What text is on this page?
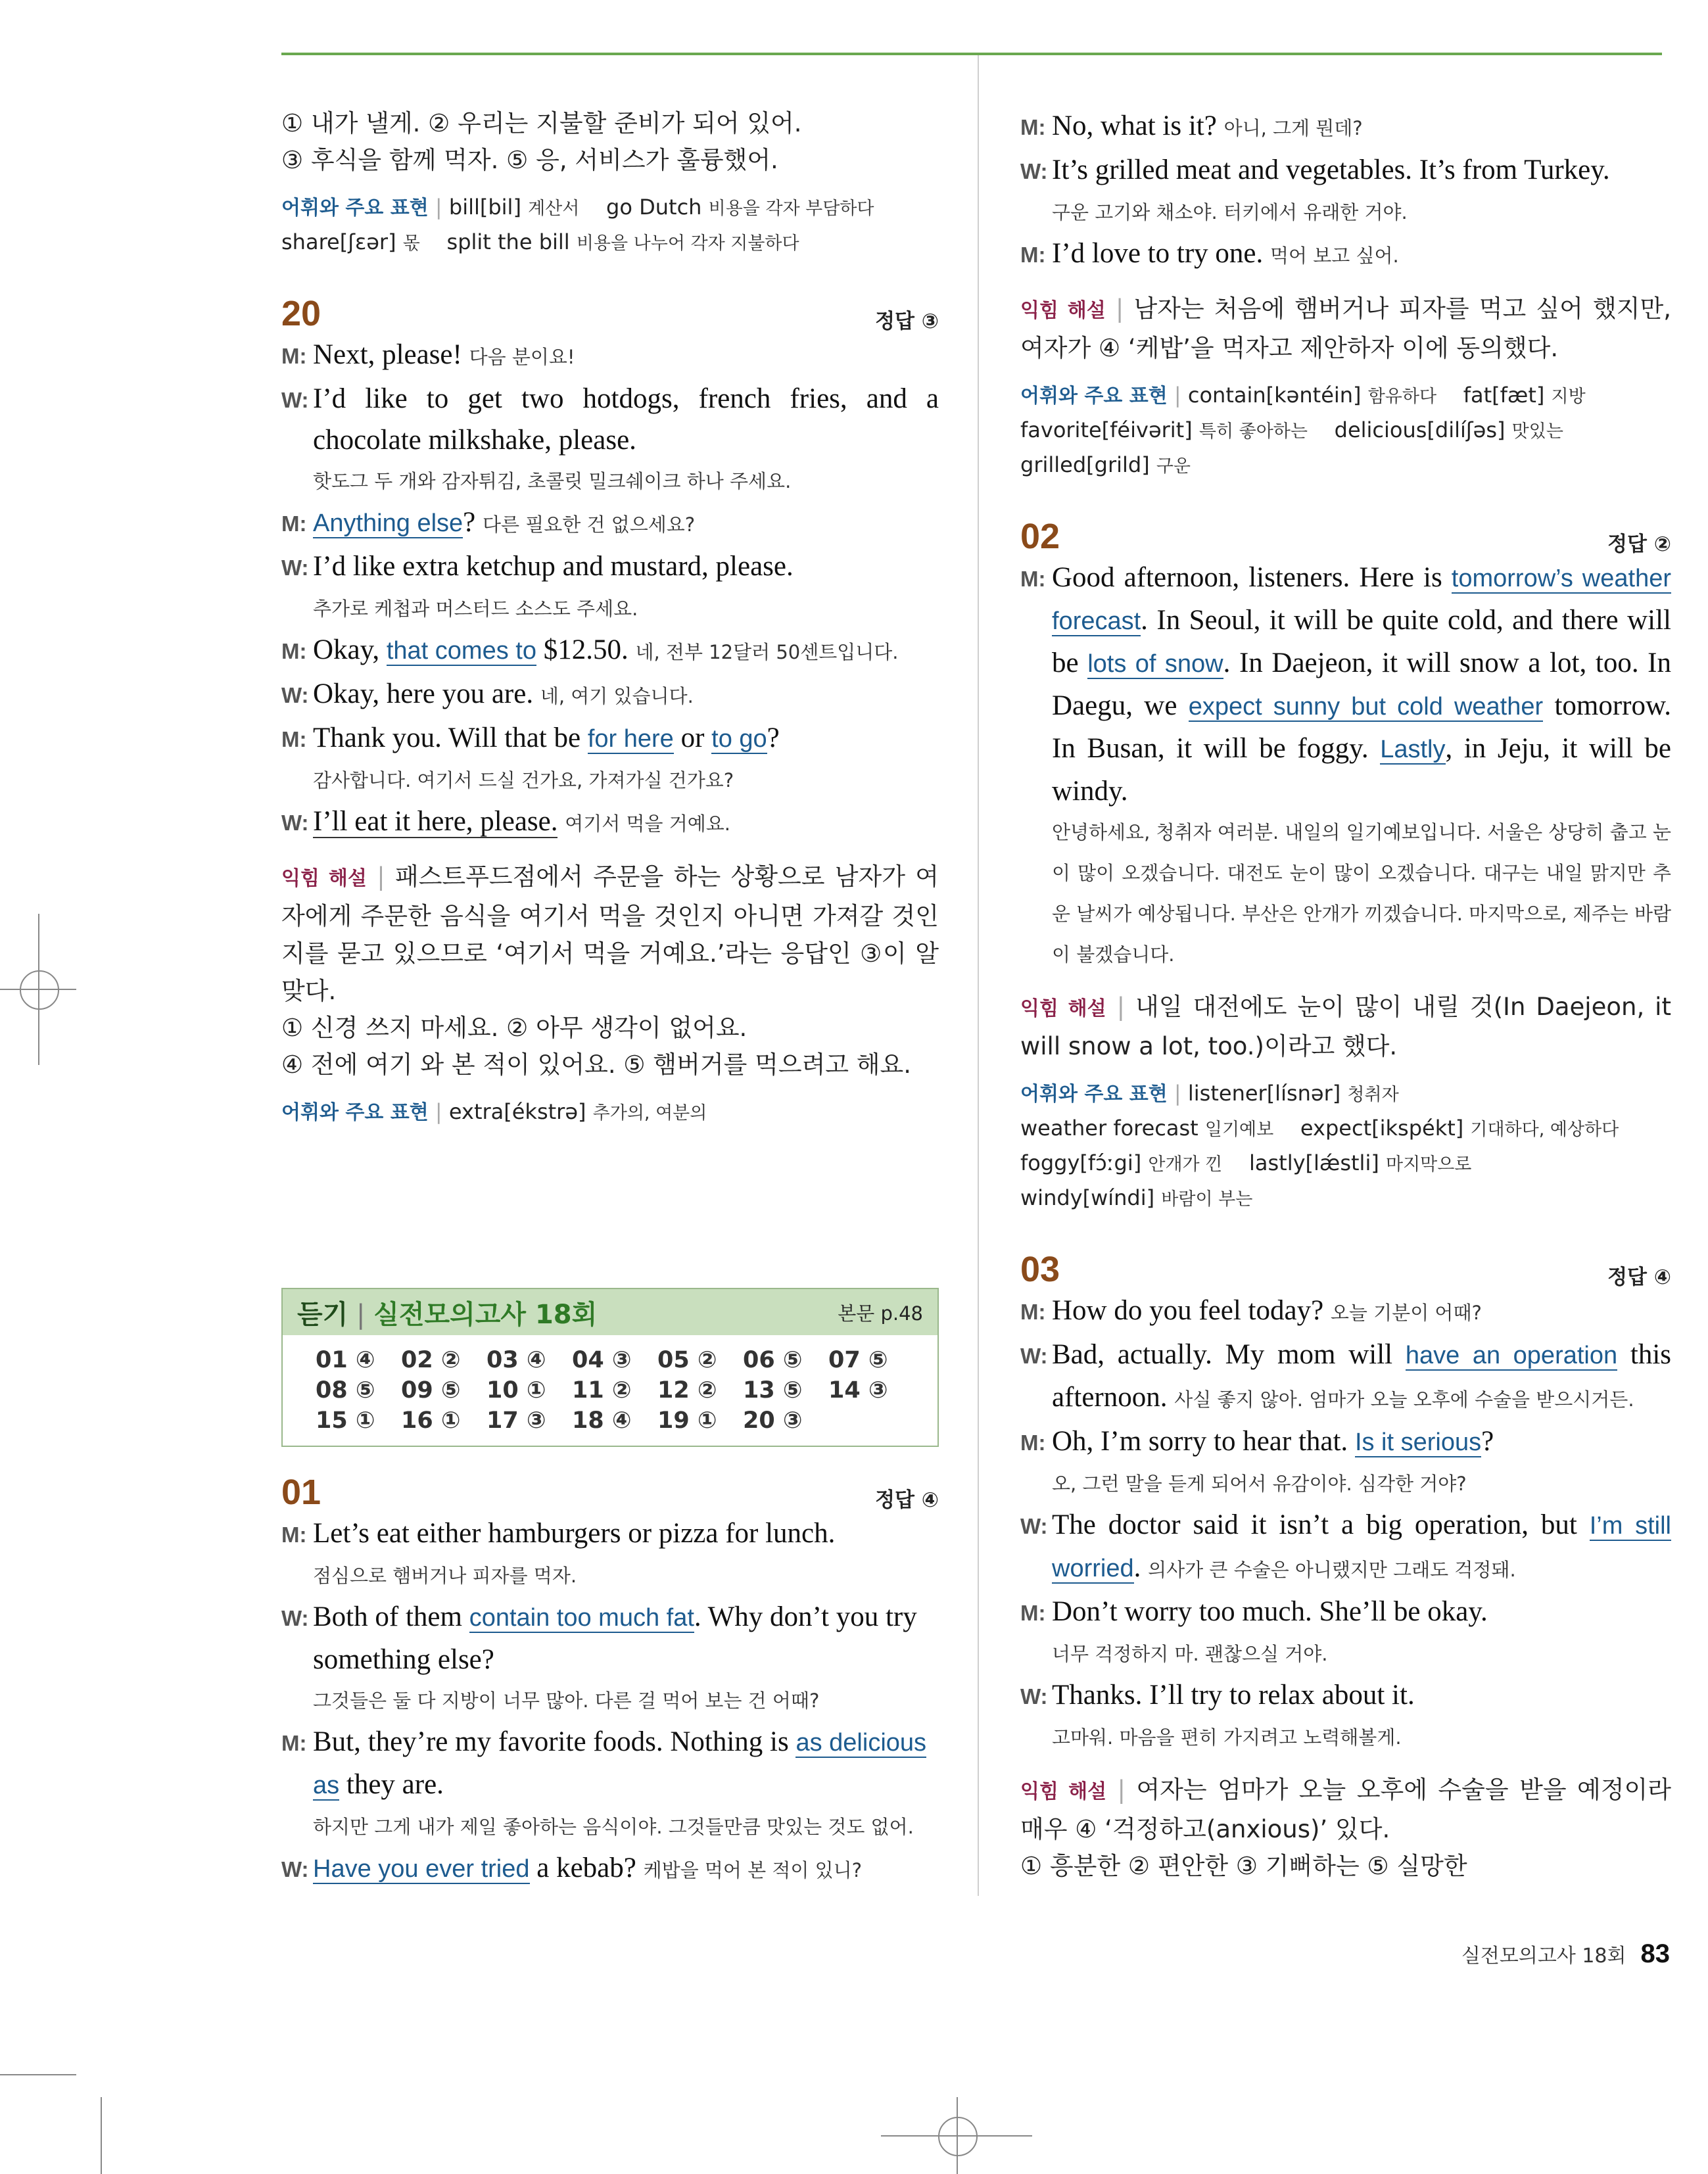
① 내가 낼게. ② 우리는 지불할 준비가 되어 있어.
③ 후식을 함께 먹자. ⑤ 응, 서비스가 훌륭했어.
어휘와 주요 표현 | bill[bil] 계산서 go Dutch 비용을 각자 부담하다
share[ʃɛər] 몫 split the bill 비용을 나누어 각자 지불하다
20	정답 ③
M: Next, please! 다음 분이요!
W: I’d like to get two hotdogs, french fries, and a chocolate milkshake, please.
핫도그 두 개와 감자튀김, 초콜릿 밀크쉐이크 하나 주세요.
M: Anything else? 다른 필요한 건 없으세요?
W: I’d like extra ketchup and mustard, please.
추가로 케첩과 머스터드 소스도 주세요.
M: Okay, that comes to $12.50. 네, 전부 12달러 50센트입니다.
W: Okay, here you are. 네, 여기 있습니다.
M: Thank you. Will that be for here or to go?
감사합니다. 여기서 드실 건가요, 가져가실 건가요?
W: I’ll eat it here, please. 여기서 먹을 거예요.
익힘 해설 | 패스트푸드점에서 주문을 하는 상황으로 남자가 여자에게 주문한 음식을 여기서 먹을 것인지 아니면 가져갈 것인지를 묻고 있으므로 ‘여기서 먹을 거예요.’라는 응답인 ③이 알맞다.
① 신경 쓰지 마세요. ② 아무 생각이 없어요.
④ 전에 여기 와 본 적이 있어요. ⑤ 햄버거를 먹으려고 해요.
어휘와 주요 표현 | extra[ékstrə] 추가의, 여분의
듣기 | 실전모의고사 18회	본문 p.48
01 ④	02 ②	03 ④	04 ③	05 ②	06 ⑤	07 ⑤
08 ⑤	09 ⑤	10 ①	11 ②	12 ②	13 ⑤	14 ③
15 ①	16 ①	17 ③	18 ④	19 ①	20 ③
01	정답 ④
M: Let’s eat either hamburgers or pizza for lunch.
점심으로 햄버거나 피자를 먹자.
W: Both of them contain too much fat. Why don’t you try something else?
그것들은 둘 다 지방이 너무 많아. 다른 걸 먹어 보는 건 어때?
M: But, they’re my favorite foods. Nothing is as delicious as they are.
하지만 그게 내가 제일 좋아하는 음식이야. 그것들만큼 맛있는 것도 없어.
W: Have you ever tried a kebab? 케밥을 먹어 본 적이 있니?
M: No, what is it? 아니, 그게 뭔데?
W: It’s grilled meat and vegetables. It’s from Turkey.
구운 고기와 채소야. 터키에서 유래한 거야.
M: I’d love to try one. 먹어 보고 싶어.
익힘 해설 | 남자는 처음에 햄버거나 피자를 먹고 싶어 했지만, 여자가 ④ ‘케밥’을 먹자고 제안하자 이에 동의했다.
어휘와 주요 표현 | contain[kəntéin] 함유하다 fat[fæt] 지방
favorite[féivərit] 특히 좋아하는 delicious[dilíʃəs] 맛있는
grilled[grild] 구운
02	정답 ②
M: Good afternoon, listeners. Here is tomorrow’s weather forecast. In Seoul, it will be quite cold, and there will be lots of snow. In Daejeon, it will snow a lot, too. In Daegu, we expect sunny but cold weather tomorrow. In Busan, it will be foggy. Lastly, in Jeju, it will be windy.
안녕하세요, 청취자 여러분. 내일의 일기예보입니다. 서울은 상당히 춥고 눈이 많이 오겠습니다. 대전도 눈이 많이 오겠습니다. 대구는 내일 맑지만 추운 날씨가 예상됩니다. 부산은 안개가 끼겠습니다. 마지막으로, 제주는 바람이 불겠습니다.
익힘 해설 | 내일 대전에도 눈이 많이 내릴 것(In Daejeon, it will snow a lot, too.)이라고 했다.
어휘와 주요 표현 | listener[lísnər] 청취자
weather forecast 일기예보 expect[ikspékt] 기대하다, 예상하다
foggy[fɔ́ːgi] 안개가 낀 lastly[lǽstli] 마지막으로
windy[wíndi] 바람이 부는
03	정답 ④
M: How do you feel today? 오늘 기분이 어때?
W: Bad, actually. My mom will have an operation this afternoon. 사실 좋지 않아. 엄마가 오늘 오후에 수술을 받으시거든.
M: Oh, I’m sorry to hear that. Is it serious?
오, 그런 말을 듣게 되어서 유감이야. 심각한 거야?
W: The doctor said it isn’t a big operation, but I’m still worried. 의사가 큰 수술은 아니랬지만 그래도 걱정돼.
M: Don’t worry too much. She’ll be okay.
너무 걱정하지 마. 괜찮으실 거야.
W: Thanks. I’ll try to relax about it.
고마워. 마음을 편히 가지려고 노력해볼게.
익힘 해설 | 여자는 엄마가 오늘 오후에 수술을 받을 예정이라 매우 ④ ‘걱정하고(anxious)’ 있다.
① 흥분한 ② 편안한 ③ 기뻐하는 ⑤ 실망한
실전모의고사 18회 83
